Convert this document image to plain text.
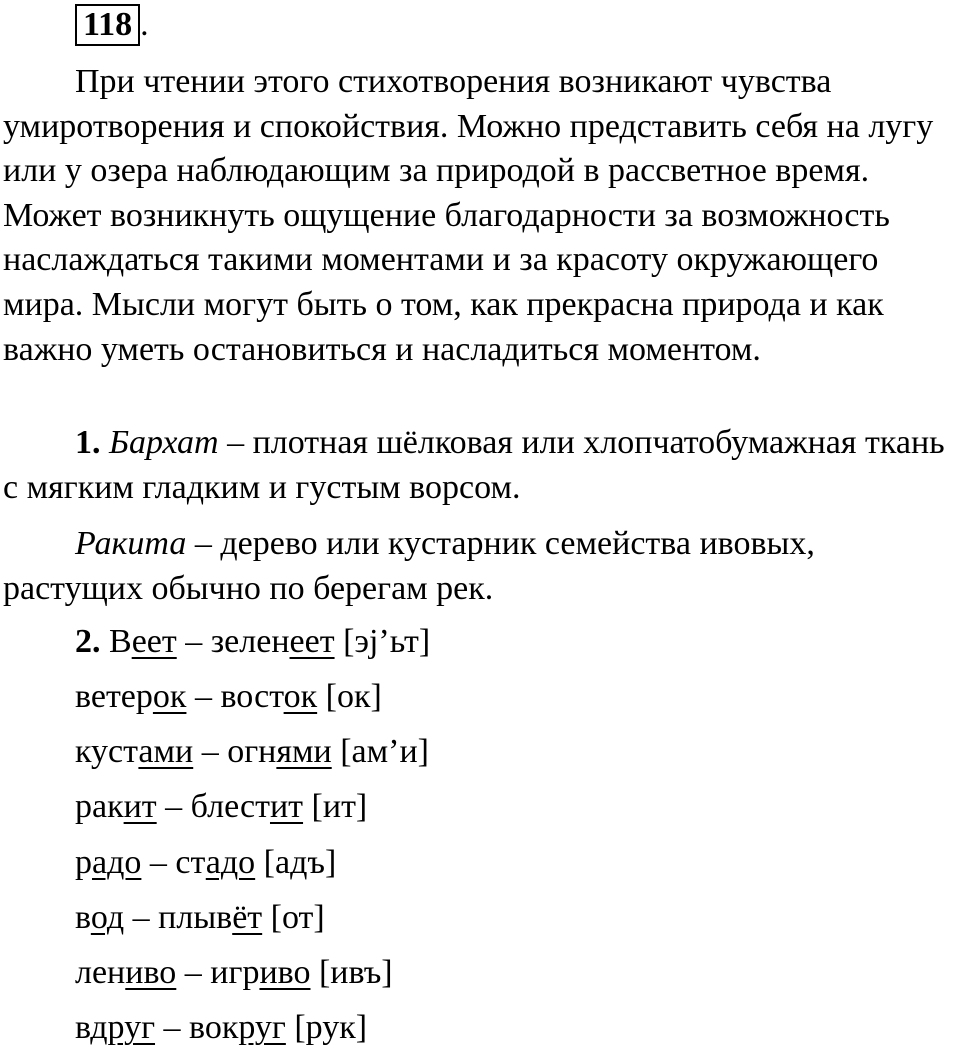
118 .

При чтении этого стихотворения возникают чувства умиротворения и спокойствия. Можно представить себя на лугу или у озера наблюдающим за природой в рассветное время. Может возникнуть ощущение благодарности за возможность наслаждаться такими моментами и за красоту окружающего мира. Мысли могут быть о том, как прекрасна природа и как важно уметь остановиться и насладиться моментом.

1. Бархат – плотная шёлковая или хлопчатобумажная ткань с мягким гладким и густым ворсом.

Ракита – дерево или кустарник семейства ивовых, растущих обычно по берегам рек.

2. Веет – зеленеет [эj’ьт]
ветерок – восток [ок]
кустами – огнями [ам’и]
ракит – блестит [ит]
радо – стадо [адъ]
вод – плывёт [от]
лениво – игриво [ивъ]
вдруг – вокруг [рук]
